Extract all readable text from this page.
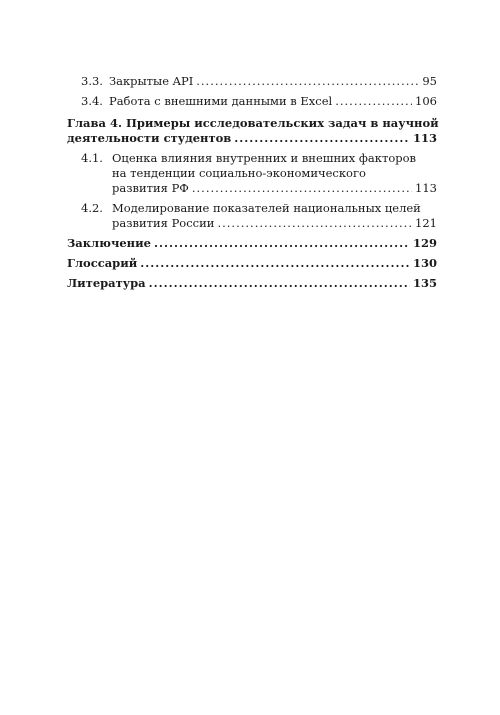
3.3. Закрытые API .....	95
3.4. Работа с внешними данными в Excel .....	106
Глава 4. Примеры исследовательских задач в научной
деятельности студентов .....	113
4.1. Оценка влияния внутренних и внешних факторов
на тенденции социально-экономического
развития РФ .....	113
4.2. Моделирование показателей национальных целей
развития России .....	121
Заключение .....	129
Глоссарий .....	130
Литература .....	135
